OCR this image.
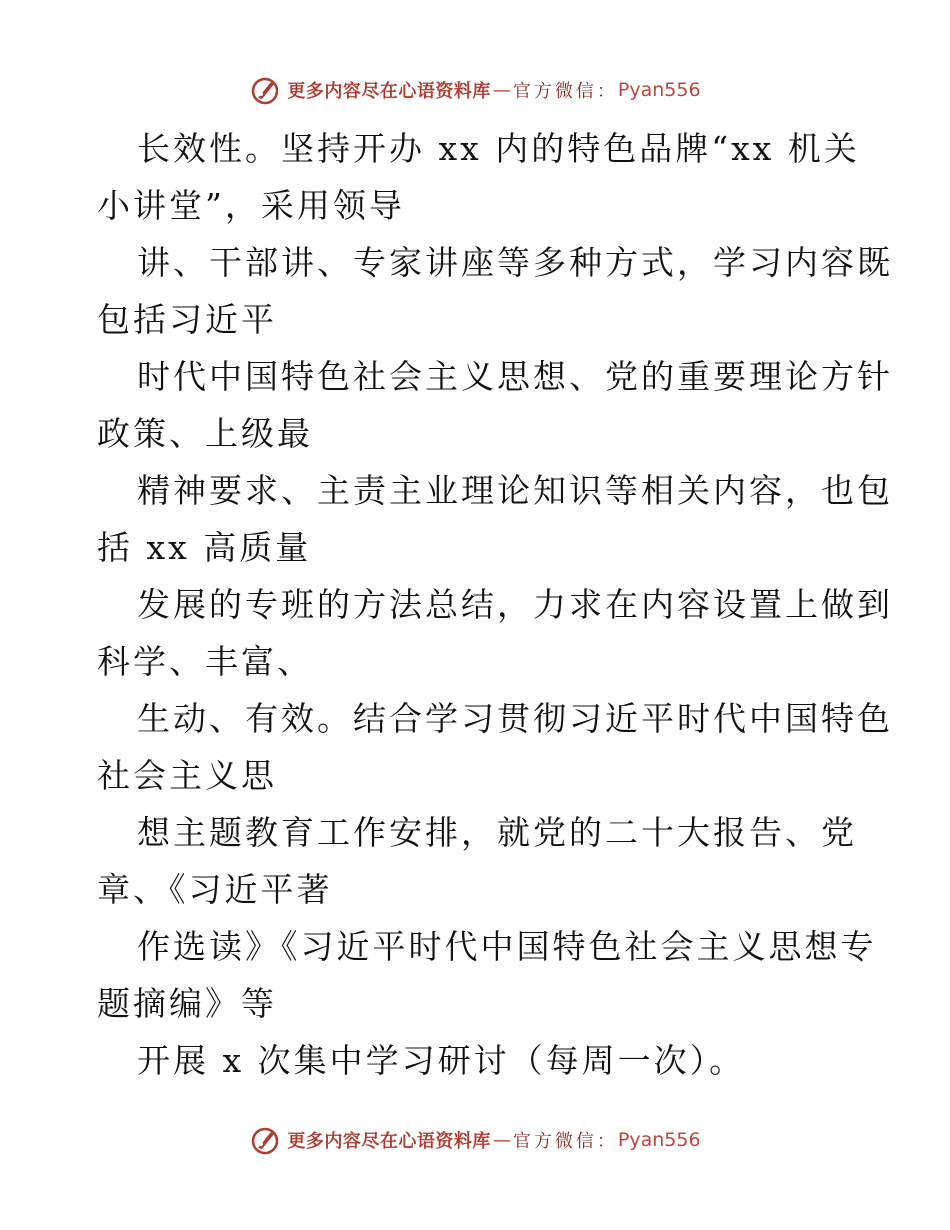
更多内容尽在心语资料库 — 官方微信： Pyan556

长效性。坚持开办 xx 内的特色品牌“xx 机关
小讲堂”，采用领导

讲、干部讲、专家讲座等多种方式，学习内容既
包括习近平

时代中国特色社会主义思想、党的重要理论方针
政策、上级最

精神要求、主责主业理论知识等相关内容，也包
括 xx 高质量

发展的专班的方法总结，力求在内容设置上做到
科学、丰富、

生动、有效。结合学习贯彻习近平时代中国特色
社会主义思

想主题教育工作安排，就党的二十大报告、党
章、《习近平著

作选读》《习近平时代中国特色社会主义思想专
题摘编》等

开展 x 次集中学习研讨（每周一次）。

更多内容尽在心语资料库 — 官方微信： Pyan556
